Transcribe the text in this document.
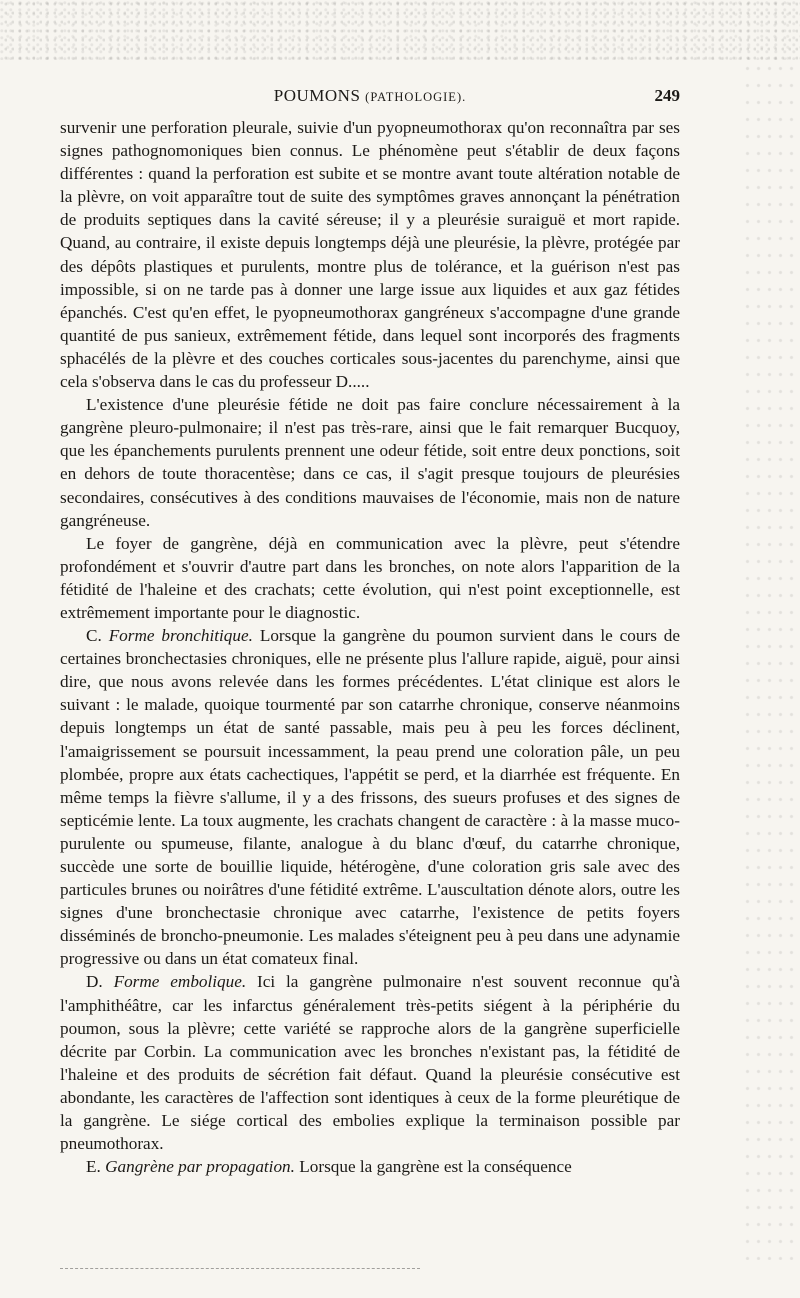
POUMONS (PATHOLOGIE).	249

survenir une perforation pleurale, suivie d'un pyopneumothorax qu'on reconnaîtra par ses signes pathognomoniques bien connus. Le phénomène peut s'établir de deux façons différentes : quand la perforation est subite et se montre avant toute altération notable de la plèvre, on voit apparaître tout de suite des symptômes graves annonçant la pénétration de produits septiques dans la cavité séreuse; il y a pleurésie suraiguë et mort rapide. Quand, au contraire, il existe depuis longtemps déjà une pleurésie, la plèvre, protégée par des dépôts plastiques et purulents, montre plus de tolérance, et la guérison n'est pas impossible, si on ne tarde pas à donner une large issue aux liquides et aux gaz fétides épanchés. C'est qu'en effet, le pyopneumothorax gangréneux s'accompagne d'une grande quantité de pus sanieux, extrêmement fétide, dans lequel sont incorporés des fragments sphacélés de la plèvre et des couches corticales sous-jacentes du parenchyme, ainsi que cela s'observa dans le cas du professeur D.....

L'existence d'une pleurésie fétide ne doit pas faire conclure nécessairement à la gangrène pleuro-pulmonaire; il n'est pas très-rare, ainsi que le fait remarquer Bucquoy, que les épanchements purulents prennent une odeur fétide, soit entre deux ponctions, soit en dehors de toute thoracentèse; dans ce cas, il s'agit presque toujours de pleurésies secondaires, consécutives à des conditions mauvaises de l'économie, mais non de nature gangréneuse.

Le foyer de gangrène, déjà en communication avec la plèvre, peut s'étendre profondément et s'ouvrir d'autre part dans les bronches, on note alors l'apparition de la fétidité de l'haleine et des crachats; cette évolution, qui n'est point exceptionnelle, est extrêmement importante pour le diagnostic.

C. Forme bronchitique. Lorsque la gangrène du poumon survient dans le cours de certaines bronchectasies chroniques, elle ne présente plus l'allure rapide, aiguë, pour ainsi dire, que nous avons relevée dans les formes précédentes. L'état clinique est alors le suivant : le malade, quoique tourmenté par son catarrhe chronique, conserve néanmoins depuis longtemps un état de santé passable, mais peu à peu les forces déclinent, l'amaigrissement se poursuit incessamment, la peau prend une coloration pâle, un peu plombée, propre aux états cachectiques, l'appétit se perd, et la diarrhée est fréquente. En même temps la fièvre s'allume, il y a des frissons, des sueurs profuses et des signes de septicémie lente. La toux augmente, les crachats changent de caractère : à la masse muco-purulente ou spumeuse, filante, analogue à du blanc d'œuf, du catarrhe chronique, succède une sorte de bouillie liquide, hétérogène, d'une coloration gris sale avec des particules brunes ou noirâtres d'une fétidité extrême. L'auscultation dénote alors, outre les signes d'une bronchectasie chronique avec catarrhe, l'existence de petits foyers disséminés de broncho-pneumonie. Les malades s'éteignent peu à peu dans une adynamie progressive ou dans un état comateux final.

D. Forme embolique. Ici la gangrène pulmonaire n'est souvent reconnue qu'à l'amphithéâtre, car les infarctus généralement très-petits siégent à la périphérie du poumon, sous la plèvre; cette variété se rapproche alors de la gangrène superficielle décrite par Corbin. La communication avec les bronches n'existant pas, la fétidité de l'haleine et des produits de sécrétion fait défaut. Quand la pleurésie consécutive est abondante, les caractères de l'affection sont identiques à ceux de la forme pleurétique de la gangrène. Le siége cortical des embolies explique la terminaison possible par pneumothorax.

E. Gangrène par propagation. Lorsque la gangrène est la conséquence
